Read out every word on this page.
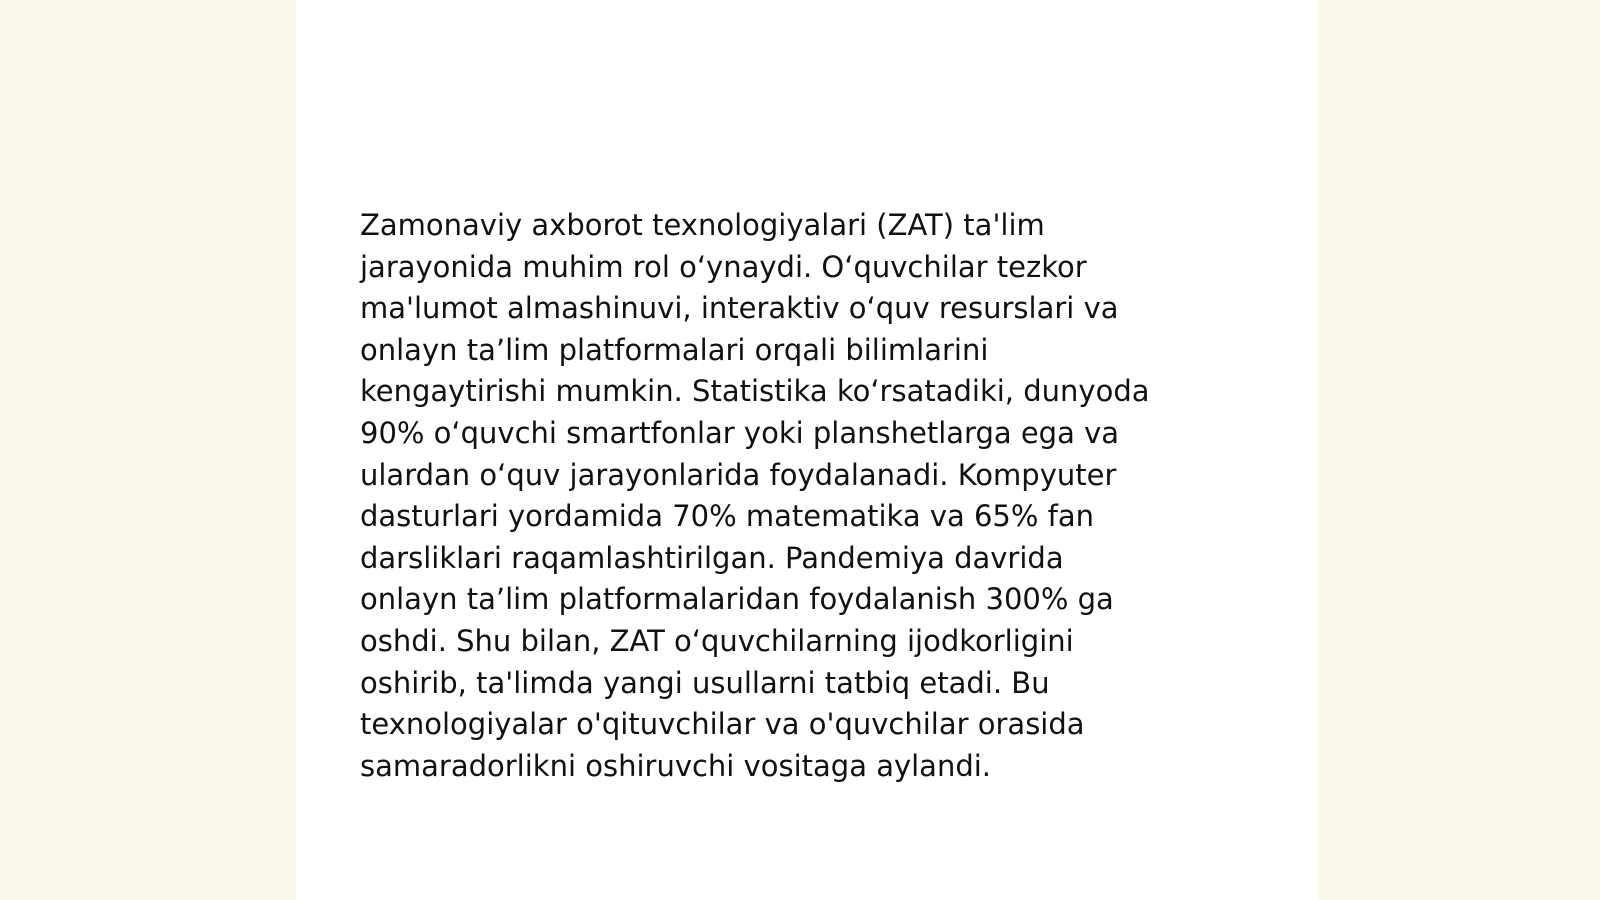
Zamonaviy axborot texnologiyalari (ZAT) ta'lim
jarayonida muhim rol oʻynaydi. Oʻquvchilar tezkor
ma'lumot almashinuvi, interaktiv oʻquv resurslari va
onlayn taʼlim platformalari orqali bilimlarini
kengaytirishi mumkin. Statistika koʻrsatadiki, dunyoda
90% oʻquvchi smartfonlar yoki planshetlarga ega va
ulardan oʻquv jarayonlarida foydalanadi. Kompyuter
dasturlari yordamida 70% matematika va 65% fan
darsliklari raqamlashtirilgan. Pandemiya davrida
onlayn taʼlim platformalaridan foydalanish 300% ga
oshdi. Shu bilan, ZAT oʻquvchilarning ijodkorligini
oshirib, ta'limda yangi usullarni tatbiq etadi. Bu
texnologiyalar o'qituvchilar va o'quvchilar orasida
samaradorlikni oshiruvchi vositaga aylandi.
